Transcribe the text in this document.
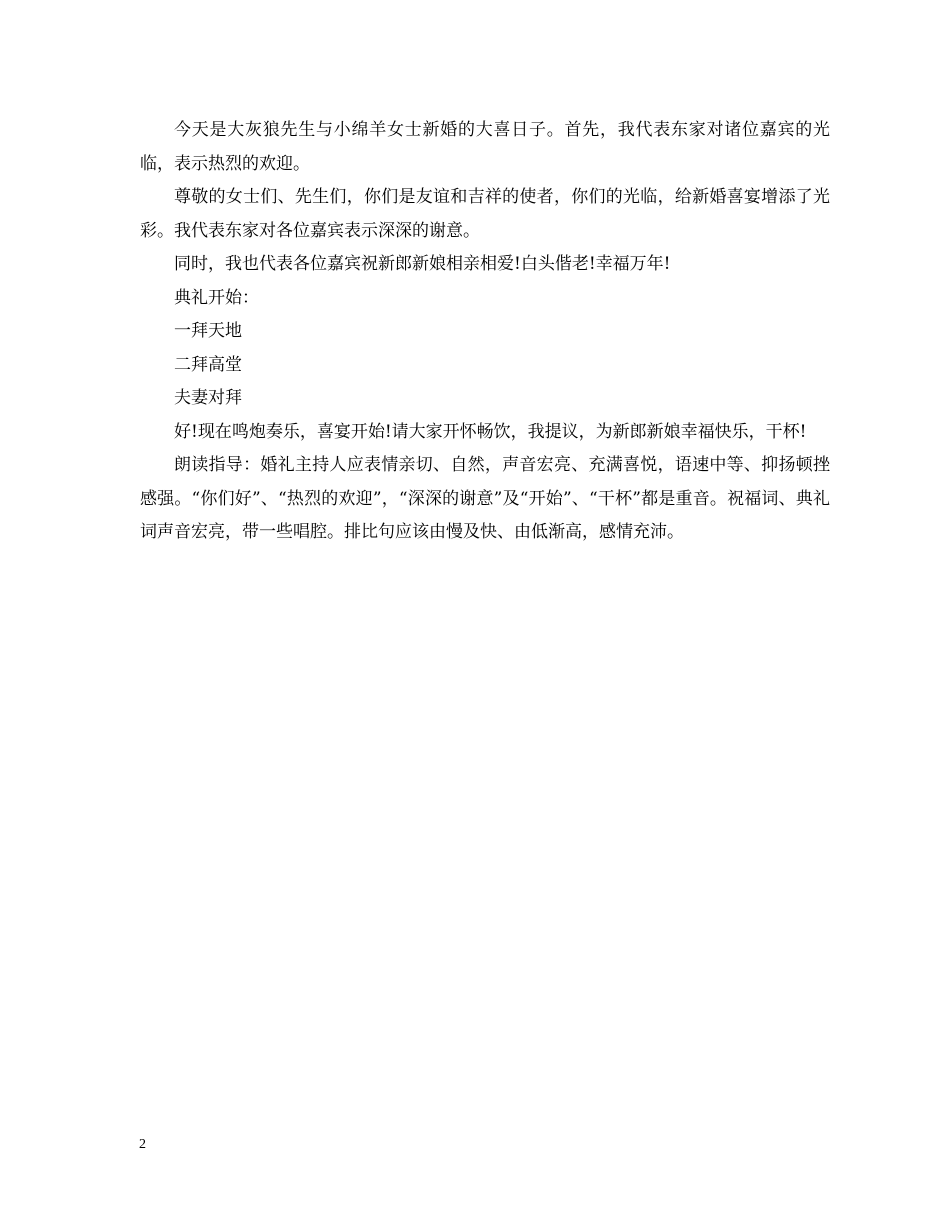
今天是大灰狼先生与小绵羊女士新婚的大喜日子。首先，我代表东家对诸位嘉宾的光临，表示热烈的欢迎。

尊敬的女士们、先生们，你们是友谊和吉祥的使者，你们的光临，给新婚喜宴增添了光彩。我代表东家对各位嘉宾表示深深的谢意。

同时，我也代表各位嘉宾祝新郎新娘相亲相爱!白头偕老!幸福万年!

典礼开始：

一拜天地

二拜高堂

夫妻对拜

好!现在鸣炮奏乐，喜宴开始!请大家开怀畅饮，我提议，为新郎新娘幸福快乐，干杯!

朗读指导：婚礼主持人应表情亲切、自然，声音宏亮、充满喜悦，语速中等、抑扬顿挫感强。“你们好”、“热烈的欢迎”，“深深的谢意”及“开始”、“干杯”都是重音。祝福词、典礼词声音宏亮，带一些唱腔。排比句应该由慢及快、由低渐高，感情充沛。

2
